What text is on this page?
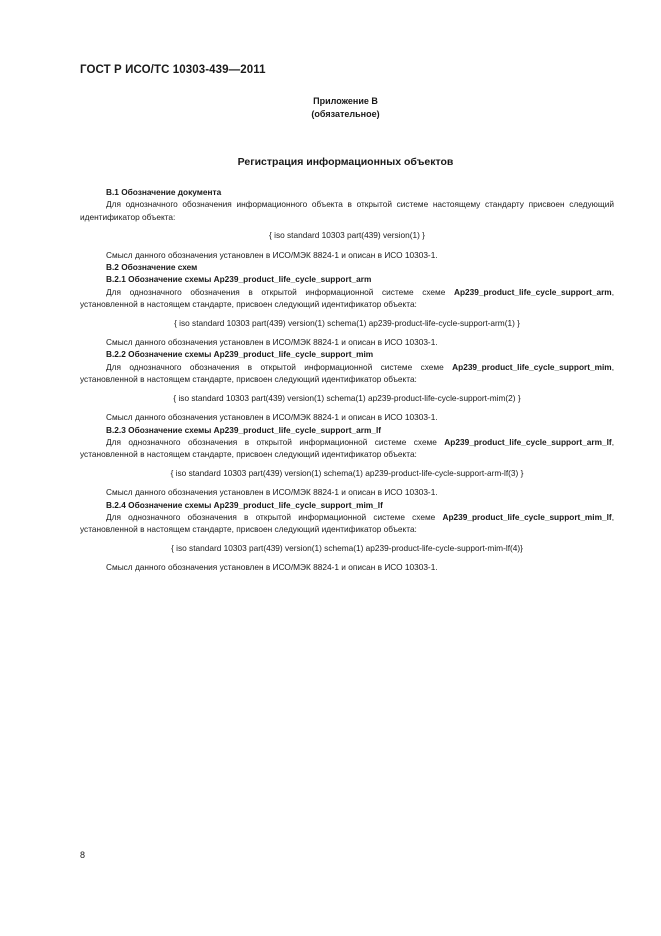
ГОСТ Р ИСО/ТС 10303-439—2011
Приложение В
(обязательное)
Регистрация информационных объектов

В.1 Обозначение документа

Для однозначного обозначения информационного объекта в открытой системе настоящему стандарту присвоен следующий идентификатор объекта:

{ iso standard 10303 part(439) version(1) }

Смысл данного обозначения установлен в ИСО/МЭК 8824-1 и описан в ИСО 10303-1.

В.2 Обозначение схем

В.2.1 Обозначение схемы Ap239_product_life_cycle_support_arm

Для однозначного обозначения в открытой информационной системе схеме Ap239_product_life_cycle_support_arm, установленной в настоящем стандарте, присвоен следующий идентификатор объекта:

{ iso standard 10303 part(439) version(1) schema(1) ap239-product-life-cycle-support-arm(1) }

Смысл данного обозначения установлен в ИСО/МЭК 8824-1 и описан в ИСО 10303-1.

В.2.2 Обозначение схемы Ap239_product_life_cycle_support_mim

Для однозначного обозначения в открытой информационной системе схеме Ap239_product_life_cycle_support_mim, установленной в настоящем стандарте, присвоен следующий идентификатор объекта:

{ iso standard 10303 part(439) version(1) schema(1) ap239-product-life-cycle-support-mim(2) }

Смысл данного обозначения установлен в ИСО/МЭК 8824-1 и описан в ИСО 10303-1.

В.2.3 Обозначение схемы Ap239_product_life_cycle_support_arm_lf

Для однозначного обозначения в открытой информационной системе схеме Ap239_product_life_cycle_support_arm_lf, установленной в настоящем стандарте, присвоен следующий идентификатор объекта:

{ iso standard 10303 part(439) version(1) schema(1) ap239-product-life-cycle-support-arm-lf(3) }

Смысл данного обозначения установлен в ИСО/МЭК 8824-1 и описан в ИСО 10303-1.

В.2.4 Обозначение схемы Ap239_product_life_cycle_support_mim_lf

Для однозначного обозначения в открытой информационной системе схеме Ap239_product_life_cycle_support_mim_lf, установленной в настоящем стандарте, присвоен следующий идентификатор объекта:

{ iso standard 10303 part(439) version(1) schema(1) ap239-product-life-cycle-support-mim-lf(4)}

Смысл данного обозначения установлен в ИСО/МЭК 8824-1 и описан в ИСО 10303-1.

8
